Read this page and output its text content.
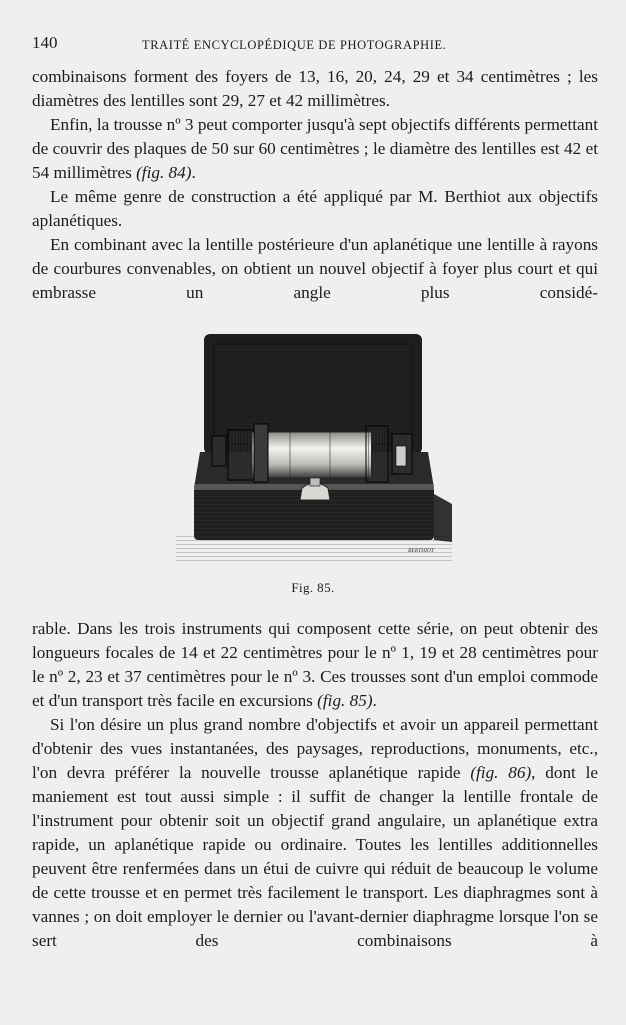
140	TRAITÉ ENCYCLOPÉDIQUE DE PHOTOGRAPHIE.

combinaisons forment des foyers de 13, 16, 20, 24, 29 et 34 centimètres ; les diamètres des lentilles sont 29, 27 et 42 millimètres.

Enfin, la trousse nº 3 peut comporter jusqu'à sept objectifs différents permettant de couvrir des plaques de 50 sur 60 centimètres ; le diamètre des lentilles est 42 et 54 millimètres (fig. 84).

Le même genre de construction a été appliqué par M. Berthiot aux objectifs aplanétiques.

En combinant avec la lentille postérieure d'un aplanétique une lentille à rayons de courbures convenables, on obtient un nouvel objectif à foyer plus court et qui embrasse un angle plus considé-

BERTHIOT
Fig. 85.

rable. Dans les trois instruments qui composent cette série, on peut obtenir des longueurs focales de 14 et 22 centimètres pour le nº 1, 19 et 28 centimètres pour le nº 2, 23 et 37 centimètres pour le nº 3. Ces trousses sont d'un emploi commode et d'un transport très facile en excursions (fig. 85).

Si l'on désire un plus grand nombre d'objectifs et avoir un appareil permettant d'obtenir des vues instantanées, des paysages, reproductions, monuments, etc., l'on devra préférer la nouvelle trousse aplanétique rapide (fig. 86), dont le maniement est tout aussi simple : il suffit de changer la lentille frontale de l'instrument pour obtenir soit un objectif grand angulaire, un aplanétique extra rapide, un aplanétique rapide ou ordinaire. Toutes les lentilles additionnelles peuvent être renfermées dans un étui de cuivre qui réduit de beaucoup le volume de cette trousse et en permet très facilement le transport. Les diaphragmes sont à vannes ; on doit employer le dernier ou l'avant-dernier diaphragme lorsque l'on se sert des combinaisons à
